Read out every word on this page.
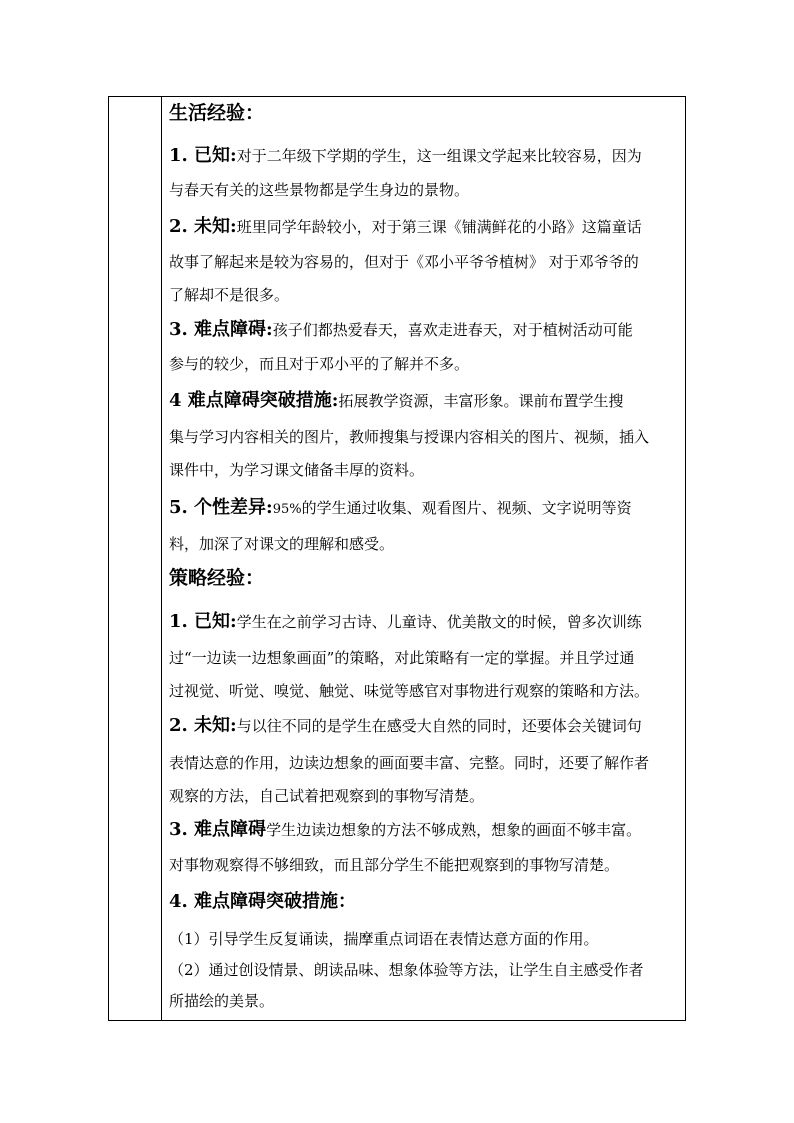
生活经验：
1. 已知:对于二年级下学期的学生，这一组课文学起来比较容易，因为
与春天有关的这些景物都是学生身边的景物。
2. 未知:班里同学年龄较小，对于第三课《铺满鲜花的小路》这篇童话
故事了解起来是较为容易的，但对于《邓小平爷爷植树》 对于邓爷爷的
了解却不是很多。
3. 难点障碍:孩子们都热爱春天，喜欢走进春天，对于植树活动可能
参与的较少，而且对于邓小平的了解并不多。
4 难点障碍突破措施:拓展教学资源，丰富形象。课前布置学生搜
集与学习内容相关的图片，教师搜集与授课内容相关的图片、视频，插入
课件中，为学习课文储备丰厚的资料。
5. 个性差异:95%的学生通过收集、观看图片、视频、文字说明等资
料，加深了对课文的理解和感受。
策略经验：
1. 已知:学生在之前学习古诗、儿童诗、优美散文的时候，曾多次训练
过“一边读一边想象画面”的策略，对此策略有一定的掌握。并且学过通
过视觉、听觉、嗅觉、触觉、味觉等感官对事物进行观察的策略和方法。
2. 未知:与以往不同的是学生在感受大自然的同时，还要体会关键词句
表情达意的作用，边读边想象的画面要丰富、完整。同时，还要了解作者
观察的方法，自己试着把观察到的事物写清楚。
3. 难点障碍学生边读边想象的方法不够成熟，想象的画面不够丰富。
对事物观察得不够细致，而且部分学生不能把观察到的事物写清楚。
4. 难点障碍突破措施：
（1）引导学生反复诵读，揣摩重点词语在表情达意方面的作用。
（2）通过创设情景、朗读品味、想象体验等方法，让学生自主感受作者
所描绘的美景。
